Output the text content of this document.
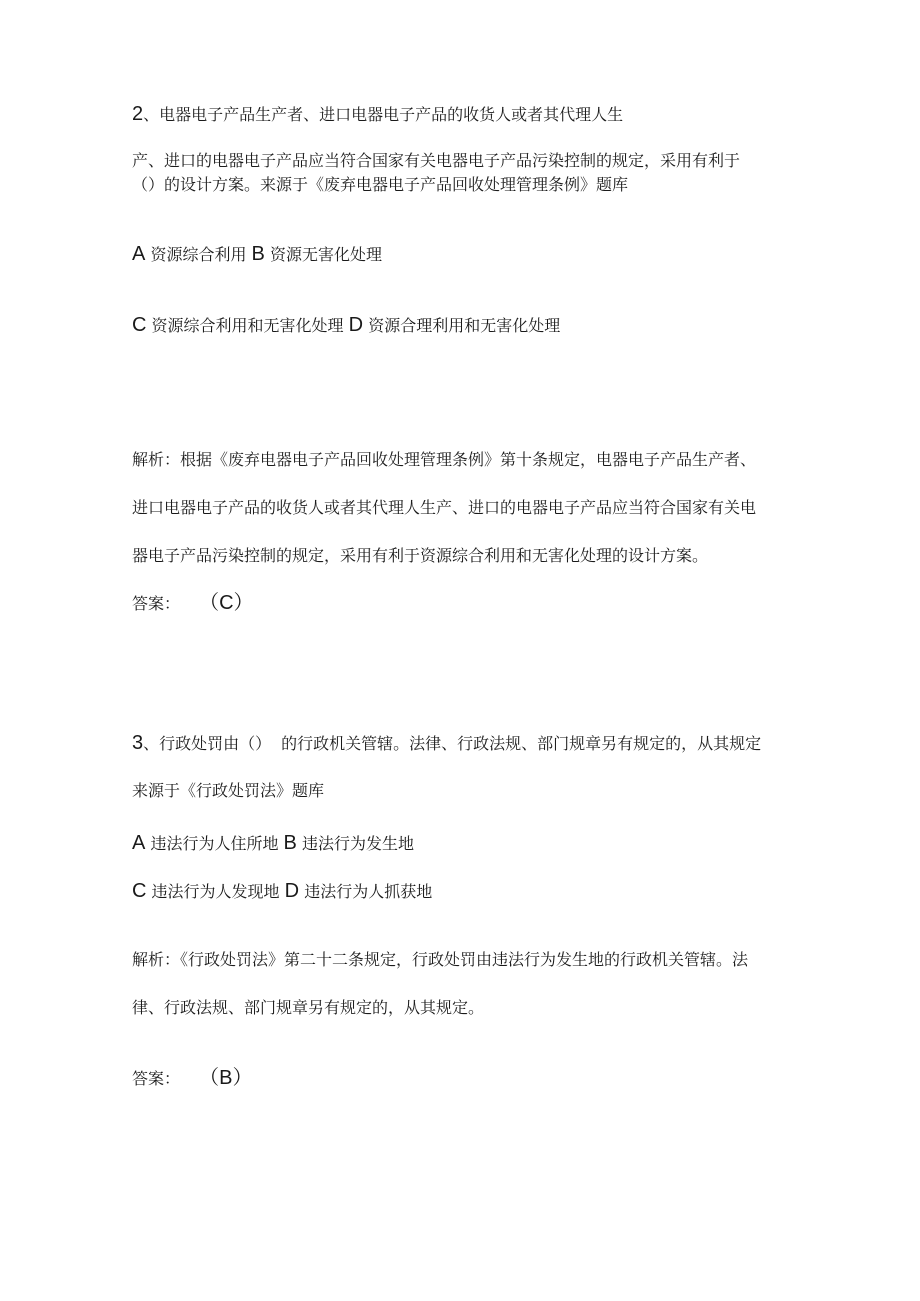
2、电器电子产品生产者、进口电器电子产品的收货人或者其代理人生
产、进口的电器电子产品应当符合国家有关电器电子产品污染控制的规定，采用有利于
（）的设计方案。来源于《废弃电器电子产品回收处理管理条例》题库
A 资源综合利用 B 资源无害化处理
C 资源综合利用和无害化处理 D 资源合理利用和无害化处理
解析：根据《废弃电器电子产品回收处理管理条例》第十条规定，电器电子产品生产者、
进口电器电子产品的收货人或者其代理人生产、进口的电器电子产品应当符合国家有关电
器电子产品污染控制的规定，采用有利于资源综合利用和无害化处理的设计方案。
答案： （C）
3、行政处罚由（） 的行政机关管辖。法律、行政法规、部门规章另有规定的，从其规定
来源于《行政处罚法》题库
A 违法行为人住所地 B 违法行为发生地
C 违法行为人发现地 D 违法行为人抓获地
解析：《行政处罚法》第二十二条规定，行政处罚由违法行为发生地的行政机关管辖。法
律、行政法规、部门规章另有规定的，从其规定。
答案： （B）
